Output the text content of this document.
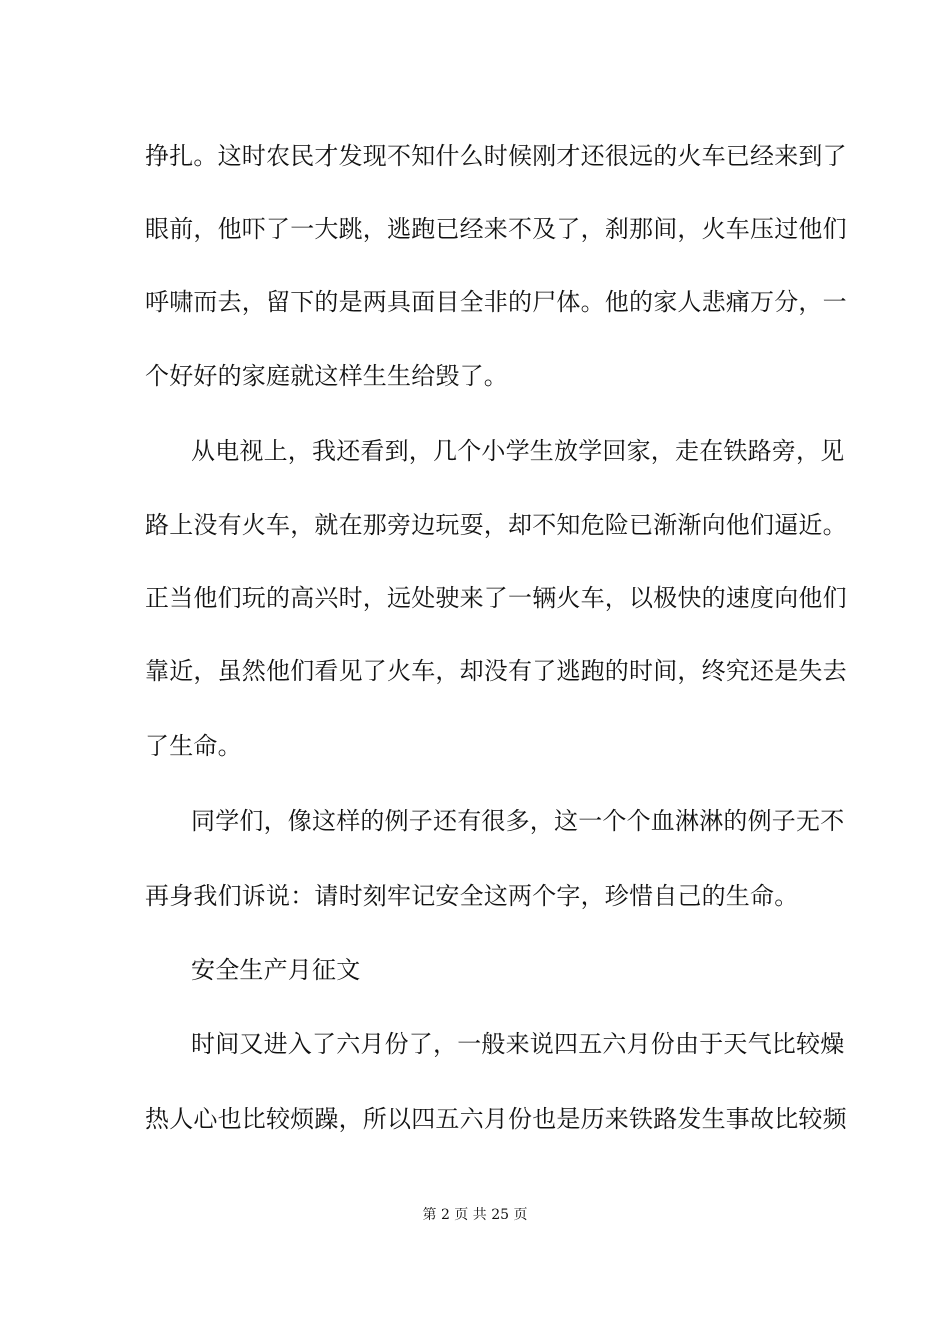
挣扎。这时农民才发现不知什么时候刚才还很远的火车已经来到了
眼前，他吓了一大跳，逃跑已经来不及了，刹那间，火车压过他们
呼啸而去，留下的是两具面目全非的尸体。他的家人悲痛万分，一
个好好的家庭就这样生生给毁了。
从电视上，我还看到，几个小学生放学回家，走在铁路旁，见
路上没有火车，就在那旁边玩耍，却不知危险已渐渐向他们逼近。
正当他们玩的高兴时，远处驶来了一辆火车，以极快的速度向他们
靠近，虽然他们看见了火车，却没有了逃跑的时间，终究还是失去
了生命。
同学们，像这样的例子还有很多，这一个个血淋淋的例子无不
再身我们诉说：请时刻牢记安全这两个字，珍惜自己的生命。
安全生产月征文
时间又进入了六月份了，一般来说四五六月份由于天气比较燥
热人心也比较烦躁，所以四五六月份也是历来铁路发生事故比较频
第 2 页 共 25 页
